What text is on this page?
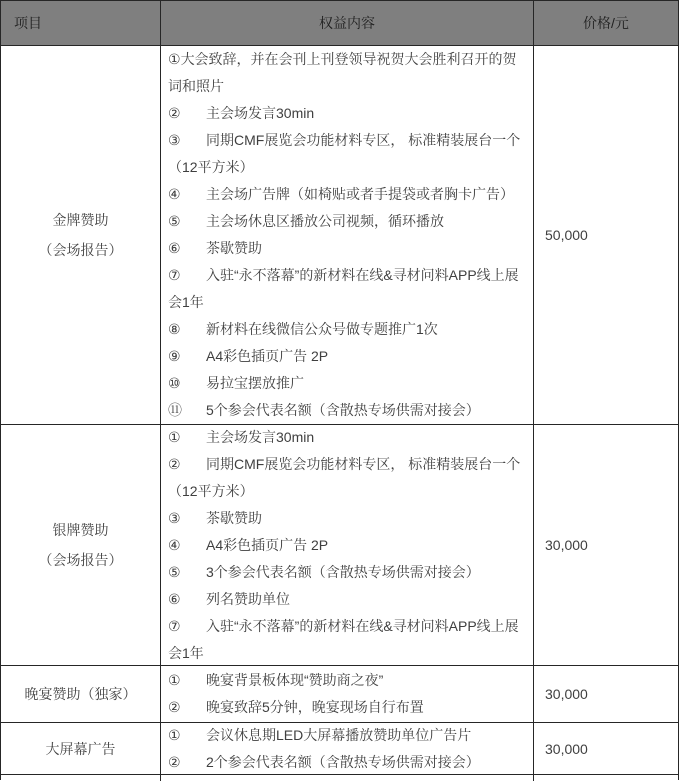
项目	权益内容	价格/元
金牌赞助
（会场报告）
①大会致辞，并在会刊上刊登领导祝贺大会胜利召开的贺词和照片
② 主会场发言30min
③ 同期CMF展览会功能材料专区， 标准精装展台一个（12平方米）
④ 主会场广告牌（如椅贴或者手提袋或者胸卡广告）
⑤ 主会场休息区播放公司视频，循环播放
⑥ 茶歇赞助
⑦ 入驻“永不落幕”的新材料在线&寻材问料APP线上展会1年
⑧ 新材料在线微信公众号做专题推广1次
⑨ A4彩色插页广告 2P
⑩ 易拉宝摆放推广
⑪ 5个参会代表名额（含散热专场供需对接会）
50,000
银牌赞助
（会场报告）
① 主会场发言30min
② 同期CMF展览会功能材料专区， 标准精装展台一个（12平方米）
③ 茶歇赞助
④ A4彩色插页广告 2P
⑤ 3个参会代表名额（含散热专场供需对接会）
⑥ 列名赞助单位
⑦ 入驻“永不落幕”的新材料在线&寻材问料APP线上展会1年
30,000
晚宴赞助（独家）
① 晚宴背景板体现“赞助商之夜”
② 晚宴致辞5分钟，晚宴现场自行布置
30,000
大屏幕广告
① 会议休息期LED大屏幕播放赞助单位广告片
② 2个参会代表名额（含散热专场供需对接会）
30,000
